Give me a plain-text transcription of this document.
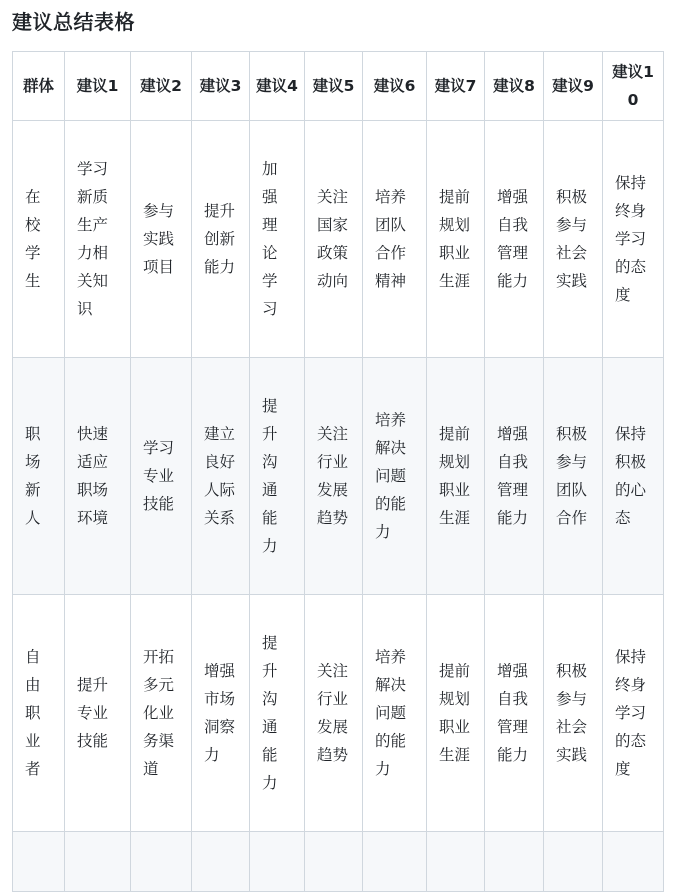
建议总结表格
群体	建议1	建议2	建议3	建议4	建议5	建议6	建议7	建议8	建议9	建议10
在校学生	学习新质生产力相关知识	参与实践项目	提升创新能力	加强理论学习	关注国家政策动向	培养团队合作精神	提前规划职业生涯	增强自我管理能力	积极参与社会实践	保持终身学习的态度
职场新人	快速适应职场环境	学习专业技能	建立良好人际关系	提升沟通能力	关注行业发展趋势	培养解决问题的能力	提前规划职业生涯	增强自我管理能力	积极参与团队合作	保持积极的心态
自由职业者	提升专业技能	开拓多元化业务渠道	增强市场洞察力	提升沟通能力	关注行业发展趋势	培养解决问题的能力	提前规划职业生涯	增强自我管理能力	积极参与社会实践	保持终身学习的态度
